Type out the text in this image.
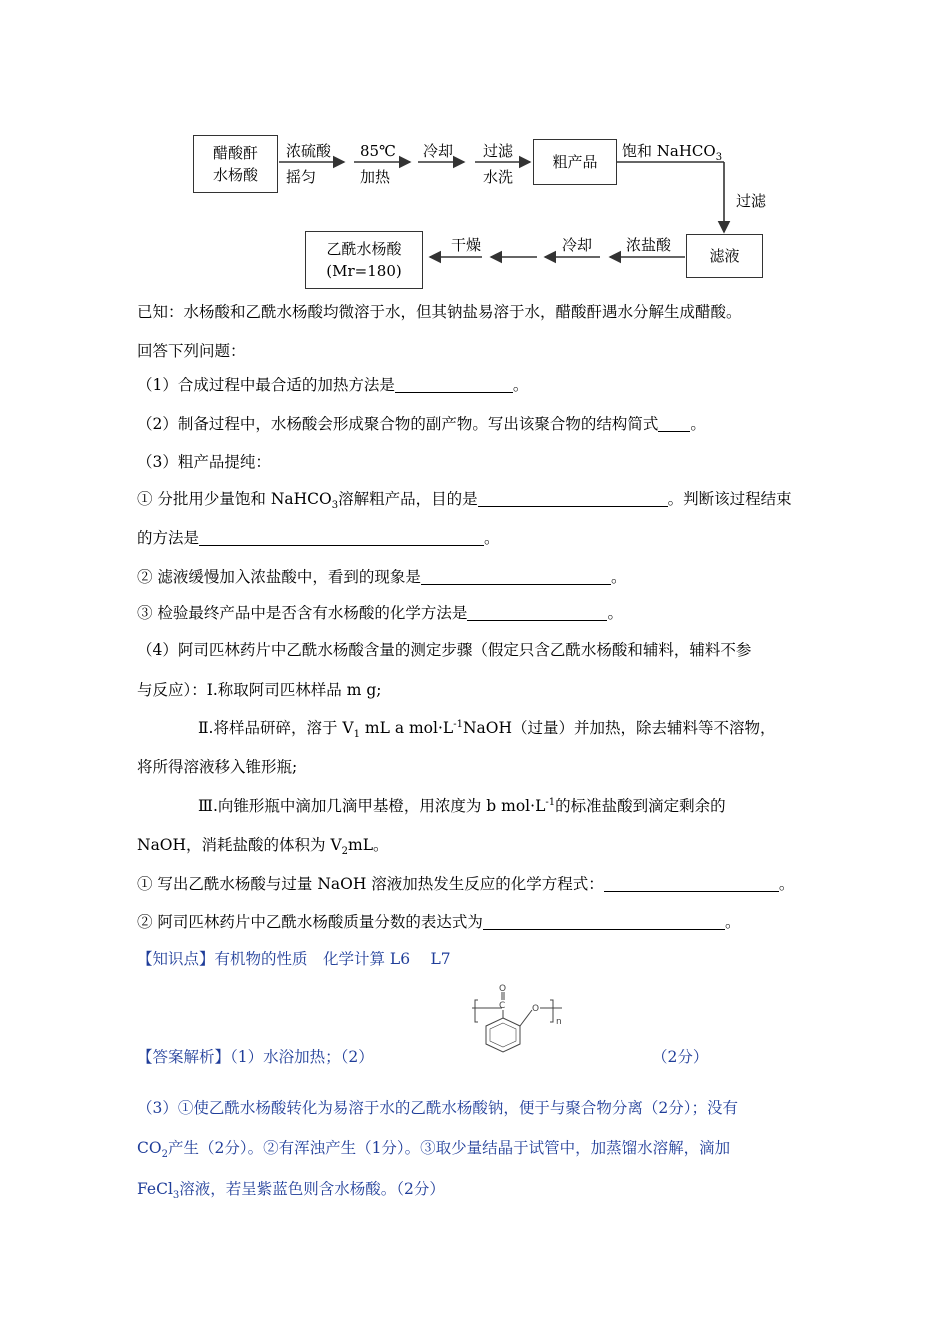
醋酸酐
水杨酸
浓硫酸
摇匀
85℃
加热
冷却 过滤
水洗
粗产品
饱和 NaHCO$_3$
过滤
滤液
浓盐酸
冷却
干燥
乙酰水杨酸
(Mr=180)
已知：水杨酸和乙酰水杨酸均微溶于水，但其钠盐易溶于水，醋酸酐遇水分解生成醋酸。
回答下列问题：
（1）合成过程中最合适的加热方法是	。
（2）制备过程中，水杨酸会形成聚合物的副产物。写出该聚合物的结构简式 。
（3）粗产品提纯：
① 分批用少量饱和 NaHCO$_3$溶解粗产品，目的是	。判断该过程结束
的方法是	。
② 滤液缓慢加入浓盐酸中，看到的现象是	。
③ 检验最终产品中是否含有水杨酸的化学方法是	。
（4）阿司匹林药片中乙酰水杨酸含量的测定步骤（假定只含乙酰水杨酸和辅料，辅料不参
与反应）：Ⅰ.称取阿司匹林样品 m g;
Ⅱ.将样品研碎，溶于 $V_1$ mL a $mol\cdot L^{-1}NaOH$（过量）并加热，除去辅料等不溶物，
将所得溶液移入锥形瓶;
Ⅲ.向锥形瓶中滴加几滴甲基橙，用浓度为 b $mol\cdot L^{-1}$的标准盐酸到滴定剩余的
NaOH，消耗盐酸的体积为 $V_2mL$。
① 写出乙酰水杨酸与过量 NaOH 溶液加热发生反应的化学方程式：	。
② 阿司匹林药片中乙酰水杨酸质量分数的表达式为	。
【知识点】有机物的性质　化学计算 L6　 L7
O
C	O
n
【答案解析】（1）水浴加热；（2）	（2分）
（3）①使乙酰水杨酸转化为易溶于水的乙酰水杨酸钠，便于与聚合物分离（2分）；没有
$CO_2$产生（2分）。②有浑浊产生（1分）。③取少量结晶于试管中，加蒸馏水溶解，滴加
FeCl$_3$溶液，若呈紫蓝色则含水杨酸。（2分）
